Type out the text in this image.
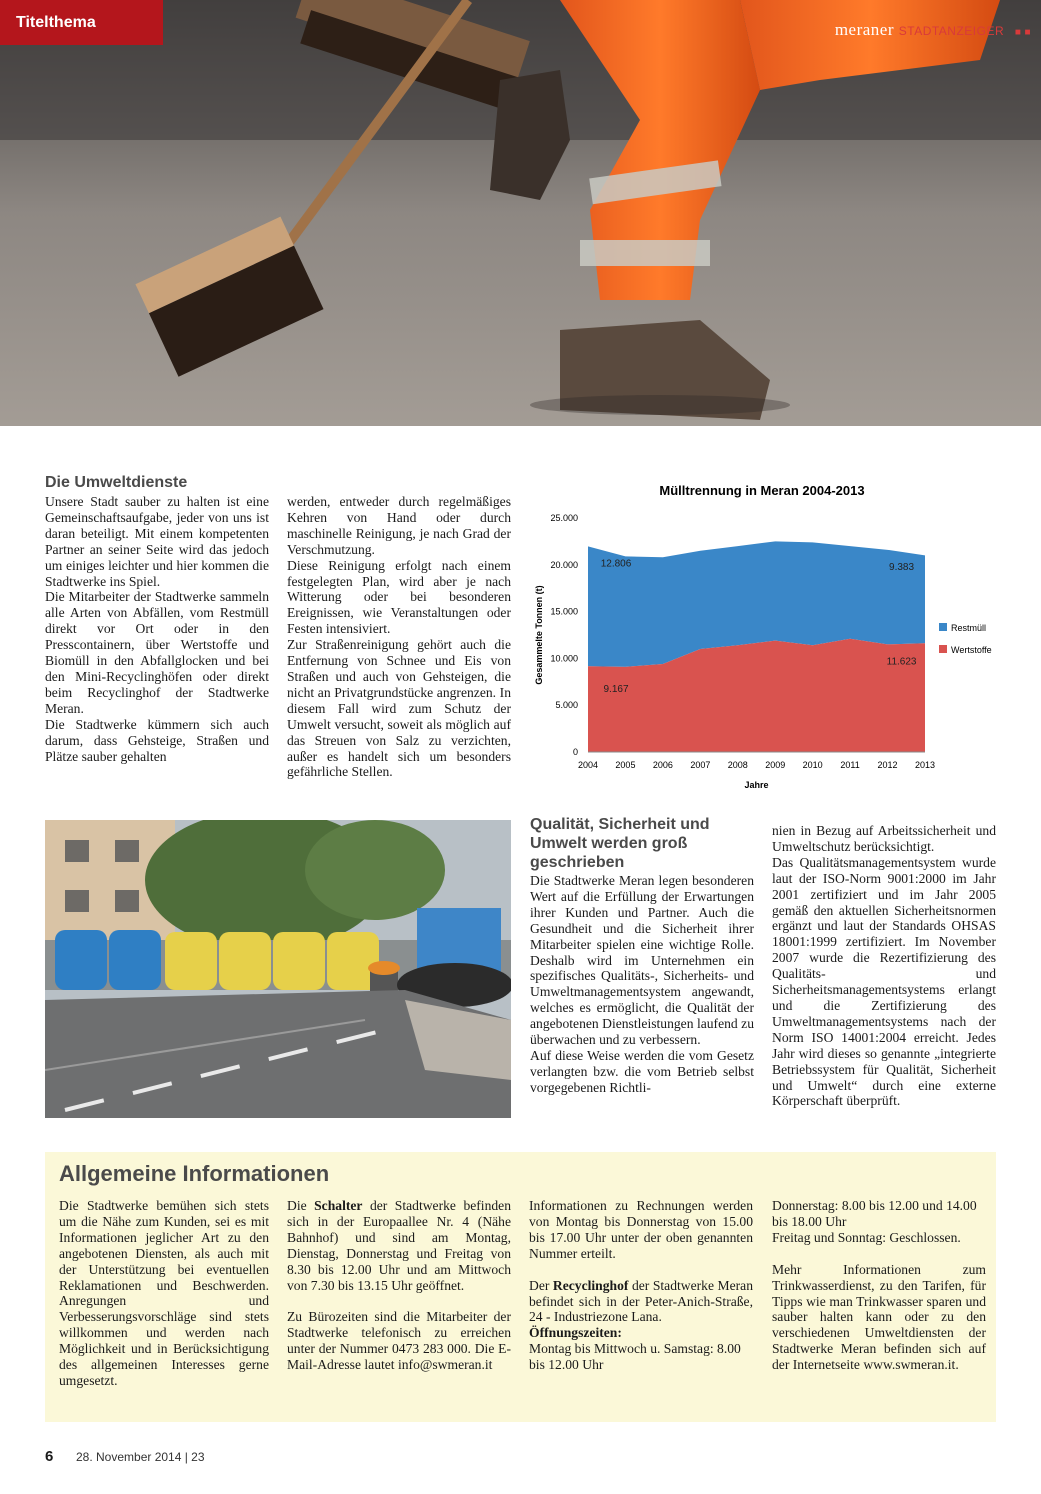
Titelthema	meraner STADTANZEIGER ■ ■
Die Umweltdienste

Unsere Stadt sauber zu halten ist eine Gemeinschaftsaufgabe, jeder von uns ist daran beteiligt. Mit einem kompetenten Partner an seiner Seite wird das jedoch um einiges leichter und hier kommen die Stadtwerke ins Spiel.

Die Mitarbeiter der Stadtwerke sammeln alle Arten von Abfällen, vom Restmüll direkt vor Ort oder in den Presscontainern, über Wertstoffe und Biomüll in den Abfallglocken und bei den Mini-Recyclinghöfen oder direkt beim Recyclinghof der Stadtwerke Meran.

Die Stadtwerke kümmern sich auch darum, dass Gehsteige, Straßen und Plätze sauber gehalten

werden, entweder durch regelmäßiges Kehren von Hand oder durch maschinelle Reinigung, je nach Grad der Verschmutzung.

Diese Reinigung erfolgt nach einem festgelegten Plan, wird aber je nach Witterung oder bei besonderen Ereignissen, wie Veranstaltungen oder Festen intensiviert.

Zur Straßenreinigung gehört auch die Entfernung von Schnee und Eis von Straßen und auch von Gehsteigen, die nicht an Privatgrundstücke angrenzen. In diesem Fall wird zum Schutz der Umwelt versucht, soweit als möglich auf das Streuen von Salz zu verzichten, außer es handelt sich um besonders gefährliche Stellen.

Mülltrennung in Meran 2004-2013
0
5.000
10.000
15.000
20.000
25.000
2004 2005 2006 2007 2008 2009 2010 2011 2012 2013
Jahre
Gesammelte Tonnen (t)
12.806	9.383
9.167
11.623
Restmüll
Wertstoffe
Qualität, Sicherheit und Umwelt werden groß geschrieben

Die Stadtwerke Meran legen besonderen Wert auf die Erfüllung der Erwartungen ihrer Kunden und Partner. Auch die Gesundheit und die Sicherheit ihrer Mitarbeiter spielen eine wichtige Rolle. Deshalb wird im Unternehmen ein spezifisches Qualitäts-, Sicherheits- und Umweltmanagementsystem angewandt, welches es ermöglicht, die Qualität der angebotenen Dienstleistungen laufend zu überwachen und zu verbessern.

Auf diese Weise werden die vom Gesetz verlangten bzw. die vom Betrieb selbst vorgegebenen Richtli-

nien in Bezug auf Arbeitssicherheit und Umweltschutz berücksichtigt.

Das Qualitätsmanagementsystem wurde laut der ISO-Norm 9001:2000 im Jahr 2001 zertifiziert und im Jahr 2005 gemäß den aktuellen Sicherheitsnormen ergänzt und laut der Standards OHSAS 18001:1999 zertifiziert. Im November 2007 wurde die Rezertifizierung des Qualitäts- und Sicherheitsmanagementsystems erlangt und die Zertifizierung des Umweltmanagementsystems nach der Norm ISO 14001:2004 erreicht. Jedes Jahr wird dieses so genannte „integrierte Betriebssystem für Qualität, Sicherheit und Umwelt“ durch eine externe Körperschaft überprüft.

Allgemeine Informationen

Die Stadtwerke bemühen sich stets um die Nähe zum Kunden, sei es mit Informationen jeglicher Art zu den angebotenen Diensten, als auch mit der Unterstützung bei eventuellen Reklamationen und Beschwerden. Anregungen und Verbesserungsvorschläge sind stets willkommen und werden nach Möglichkeit und in Berücksichtigung des allgemeinen Interesses gerne umgesetzt.

Die Schalter der Stadtwerke befinden sich in der Europaallee Nr. 4 (Nähe Bahnhof) und sind am Montag, Dienstag, Donnerstag und Freitag von 8.30 bis 12.00 Uhr und am Mittwoch von 7.30 bis 13.15 Uhr geöffnet.

Zu Bürozeiten sind die Mitarbeiter der Stadtwerke telefonisch zu erreichen unter der Nummer 0473 283 000. Die E-Mail-Adresse lautet info@swmeran.it

Informationen zu Rechnungen werden von Montag bis Donnerstag von 15.00 bis 17.00 Uhr unter der oben genannten Nummer erteilt.

Der Recyclinghof der Stadtwerke Meran befindet sich in der Peter-Anich-Straße, 24 - Industriezone Lana.

Öffnungszeiten:

Montag bis Mittwoch u. Samstag: 8.00 bis 12.00 Uhr

Donnerstag: 8.00 bis 12.00 und 14.00 bis 18.00 Uhr

Freitag und Sonntag: Geschlossen.

Mehr Informationen zum Trinkwasserdienst, zu den Tarifen, für Tipps wie man Trinkwasser sparen und sauber halten kann oder zu den verschiedenen Umweltdiensten der Stadtwerke Meran befinden sich auf der Internetseite www.swmeran.it.

6 28. November 2014 | 23
